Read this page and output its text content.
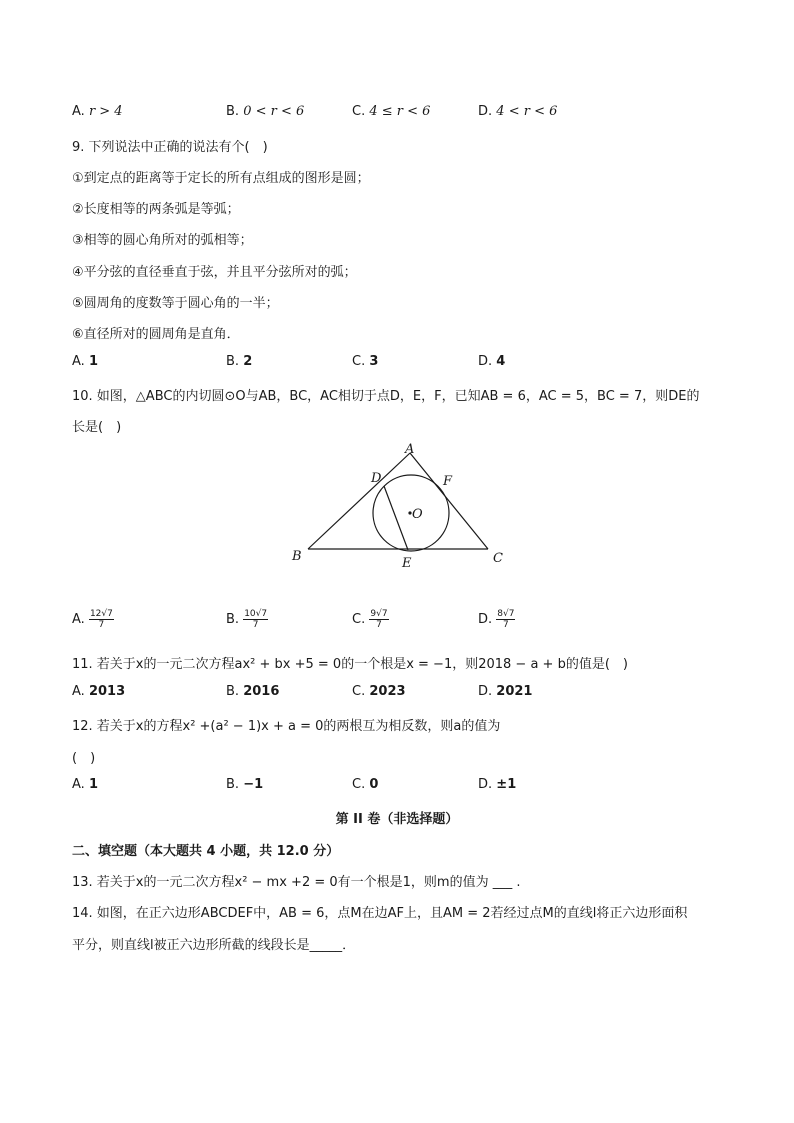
A. r > 4	B. 0 < r < 6	C. 4 ≤ r < 6	D. 4 < r < 6
9. 下列说法中正确的说法有个(　)
①到定点的距离等于定长的所有点组成的图形是圆；
②长度相等的两条弧是等弧；
③相等的圆心角所对的弧相等；
④平分弦的直径垂直于弦，并且平分弦所对的弧；
⑤圆周角的度数等于圆心角的一半；
⑥直径所对的圆周角是直角．
A. 1	B. 2	C. 3	D. 4
10. 如图，△ABC的内切圆⊙O与AB，BC，AC相切于点D，E，F，已知AB = 6，AC = 5，BC = 7，则DE的
长是(　)
A
B	C
D
E
F
O
A. $\frac{12√7}{7}$	B. $\frac{10√7}{7}$	C. $\frac{9√7}{7}$	D. $\frac{8√7}{7}$
11. 若关于x的一元二次方程ax² + bx +5 = 0的一个根是x = −1，则2018 − a + b的值是(　)
A. 2013	B. 2016	C. 2023	D. 2021
12. 若关于x的方程x² +(a² − 1)x + a = 0的两根互为相反数，则a的值为
(　)
A. 1	B. −1	C. 0	D. ±1
第 II 卷（非选择题）
二、填空题（本大题共 4 小题，共 12.0 分）
13. 若关于x的一元二次方程x² − mx +2 = 0有一个根是1，则m的值为 ___ .
14. 如图，在正六边形ABCDEF中，AB = 6，点M在边AF上，且AM = 2若经过点M的直线l将正六边形面积
平分，则直线l被正六边形所截的线段长是_____．
